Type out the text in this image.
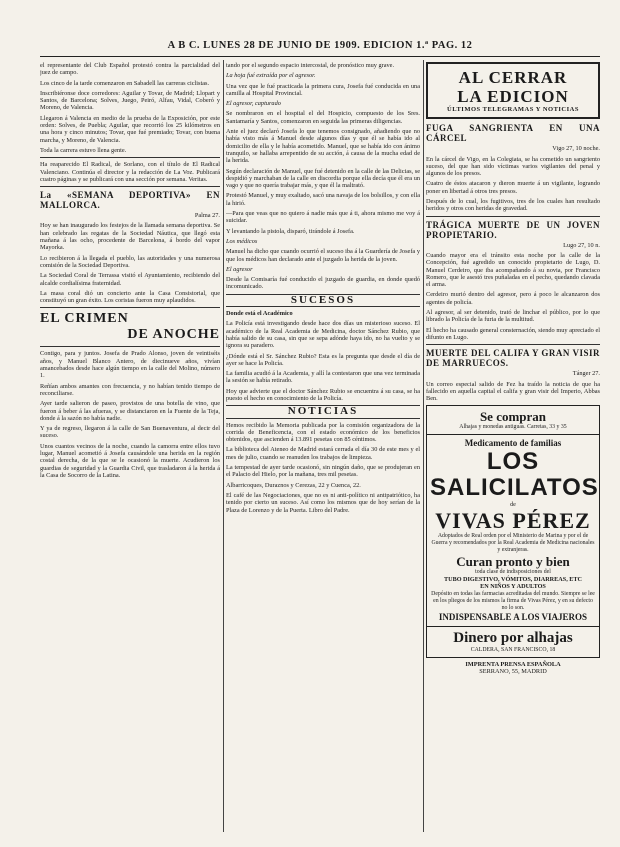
A B C. LUNES 28 DE JUNIO DE 1909. EDICION 1.ª PAG. 12

el representante del Club Español protestó contra la parcialidad del juez de campo.

Los cinco de la tarde comenzaron en Sabadell las carreras ciclistas.

Inscribiéronse doce corredores: Aguilar y Tovar, de Madrid; Llopart y Santos, de Barcelona; Solves, Juego, Peiró, Alfau, Vidal, Coberó y Moreno, de Valencia.

Llegaron á Valencia en medio de la prueba de la Exposición, por este orden: Solves, de Puebla; Aguilar, que recorrió los 25 kilómetros en una hora y cinco minutos; Tovar, que fué premiado; Tovar, con buena marcha, y Moreno, de Valencia.

Toda la carrera estuvo llena gente.

Ha reaparecido El Radical, de Sorlano, con el título de El Radical Valenciano. Continúa el director y la redacción de La Voz. Publicará cuatro páginas y se publicará con una sección por semana. Veritas.

La «SEMANA DEPORTIVA» EN MALLORCA.

Palma 27.

Hoy se han inaugurado los festejos de la llamada semana deportiva. Se han celebrado las regatas de la Sociedad Náutica, que llegó esta mañana á las ocho, procedente de Barcelona, á bordo del vapor Mayorka.

Lo recibieron á la llegada el pueblo, las autoridades y una numerosa comisión de la Sociedad Deportiva.

La Sociedad Coral de Terrassa visitó el Ayuntamiento, recibiendo del alcalde cordialísima fraternidad.

La masa coral dió un concierto ante la Casa Consistorial, que constituyó un gran éxito. Los coristas fueron muy aplaudidos.

EL CRIMEN
DE ANOCHE

Contigo, para y juntos. Josefa de Prado Alonso, joven de veintiséis años, y Manuel Blanco Antero, de diecinueve años, vivían amancebados desde hace algún tiempo en la calle del Molino, número 1.

Reñían ambos amantes con frecuencia, y no habían tenido tiempo de reconciliarse.

Ayer tarde salieron de paseo, provistos de una botella de vino, que fueron á beber á las afueras, y se distanciaron en la Fuente de la Teja, donde á la sazón no había nadie.

Y ya de regreso, llegaron á la calle de San Buenaventura, al decir del suceso.

Unos cuantos vecinos de la noche, cuando la camorra entre ellos tuvo lugar, Manuel acometió á Josefa causándole una herida en la región costal derecha, de la que se le ocasionó la muerte. Acudieron los guardias de seguridad y la Guardia Civil, que trasladaron á la herida á la Casa de Socorro de la Latina.

tando por el segundo espacio intercostal, de pronóstico muy grave.

La hoja fué extraída por el agresor.

Una vez que le fué practicada la primera cura, Josefa fué conducida en una camilla al Hospital Provincial.

El agresor, capturado

Se nombraron en el hospital el del Hospicio, compuesto de los Sres. Santamaría y Santos, comenzaron en seguida las primeras diligencias.

Ante el juez declaró Josefa lo que tenemos consignado, añadiendo que no había visto más á Manuel desde algunos días y que él se había ido al domicilio de ella y le había acometido. Manuel, que se había ido con ánimo tranquilo, se hallaba arrepentido de su acción, á causa de la mucha edad de la herida.

Según declaración de Manuel, que fué detenido en la calle de las Delicias, se despidió y marchaban de la calle en discordia porque ella decía que él era un vago y que no quería trabajar más, y que él la maltrató.

Protestó Manuel, y muy exaltado, sacó una navaja de los bolsillos, y con ella la hirió.

—Para que veas que no quiero á nadie más que á ti, ahora mismo me voy á suicidar.

Y levantando la pistola, disparó, tirándole á Josefa.

Los médicos

Manuel ha dicho que cuando ocurrió el suceso iba á la Guardería de Josefa y que los médicos han declarado ante el juzgado la herida de la joven.

El agresor

Desde la Comisaría fué conducido el juzgado de guardia, en donde quedó incomunicado.

SUCESOS

Donde está el Académico

La Policía está investigando desde hace dos días un misterioso suceso. El académico de la Real Academia de Medicina, doctor Sánchez Rubio, que había salido de su casa, sin que se sepa adónde haya ido, no ha vuelto y se ignora su paradero.

¿Dónde está el Sr. Sánchez Rubio? Esta es la pregunta que desde el día de ayer se hace la Policía.

La familia acudió á la Academia, y allí la contestaron que una vez terminada la sesión se había retirado.

Hoy que advierte que el doctor Sánchez Rubio se encuentra á su casa, se ha puesto el hecho en conocimiento de la Policía.

NOTICIAS

Hemos recibido la Memoria publicada por la comisión organizadora de la corrida de Beneficencia, con el estado económico de los beneficios obtenidos, que ascienden á 13.891 pesetas con 85 céntimos.

La biblioteca del Ateneo de Madrid estará cerrada el día 30 de este mes y el mes de julio, cuando se reanuden los trabajos de limpieza.

La tempestad de ayer tarde ocasionó, sin ningún daño, que se produjeran en el Palacio del Hielo, por la mañana, tres mil pesetas.

Albarricoques, Duraznos y Cerezas, 22 y Cuenca, 22.

El café de las Negociaciones, que no es ni anti-político ni antipatriótico, ha tenido por cierto un suceso. Así como los mismos que de hoy serían de la Plaza de Lorenzo y de la Puerta. Libro del Padre.

AL CERRAR
LA EDICION
ÚLTIMOS TELEGRAMAS Y NOTICIAS
FUGA SANGRIENTA EN UNA CÁRCEL

Vigo 27, 10 noche.

En la cárcel de Vigo, en la Colegiata, se ha cometido un sangriento suceso, del que han sido víctimas varios vigilantes del penal y algunos de los presos.

Cuatro de éstos atacaron y dieron muerte á un vigilante, logrando poner en libertad á otros tres presos.

Después de lo cual, los fugitivos, tres de los cuales han resultado heridos y otros con heridas de gravedad.

TRÁGICA MUERTE DE UN JOVEN PROPIETARIO.

Lugo 27, 10 n.

Cuando mayor era el tránsito esta noche por la calle de la Concepción, fué agredido un conocido propietario de Lugo, D. Manuel Cerdeiro, que iba acompañando á su novia, por Francisco Romero, que le asestó tres puñaladas en el pecho, quedando clavada el arma.

Cerdeiro murió dentro del agresor, pero á poco le alcanzaron dos agentes de policía.

Al agresor, al ser detenido, trató de linchar el público, por lo que librado la Policía de la furia de la multitud.

El hecho ha causado general consternación, siendo muy apreciado el difunto en Lugo.

MUERTE DEL CALIFA Y GRAN VISIR DE MARRUECOS.

Tánger 27.

Un correo especial salido de Fez ha traído la noticia de que ha fallecido en aquella capital el califa y gran visir del Imperio, Abbas Ben.

Se compran
Alhajas y monedas antiguas. Carretas, 33 y 35
Medicamento de familias
LOS SALICILATOS
de
VIVAS PÉREZ
Adoptados de Real orden por el Ministerio de Marina y por el de Guerra y recomendados por la Real Academia de Medicina nacionales y extranjeras.
Curan pronto y bien
toda clase de indisposiciones del
TUBO DIGESTIVO, VÓMITOS, DIARREAS, ETC
EN NIÑOS Y ADULTOS
Depósito en todas las farmacias acreditadas del mundo. Siempre se lee en los pliegos de los mismos la firma de Vivas Pérez, y en su defecto no lo son.
INDISPENSABLE A LOS VIAJEROS
Dinero por alhajas
CALDERA, SAN FRANCISCO, 18
IMPRENTA PRENSA ESPAÑOLA
SERRANO, 55, MADRID
